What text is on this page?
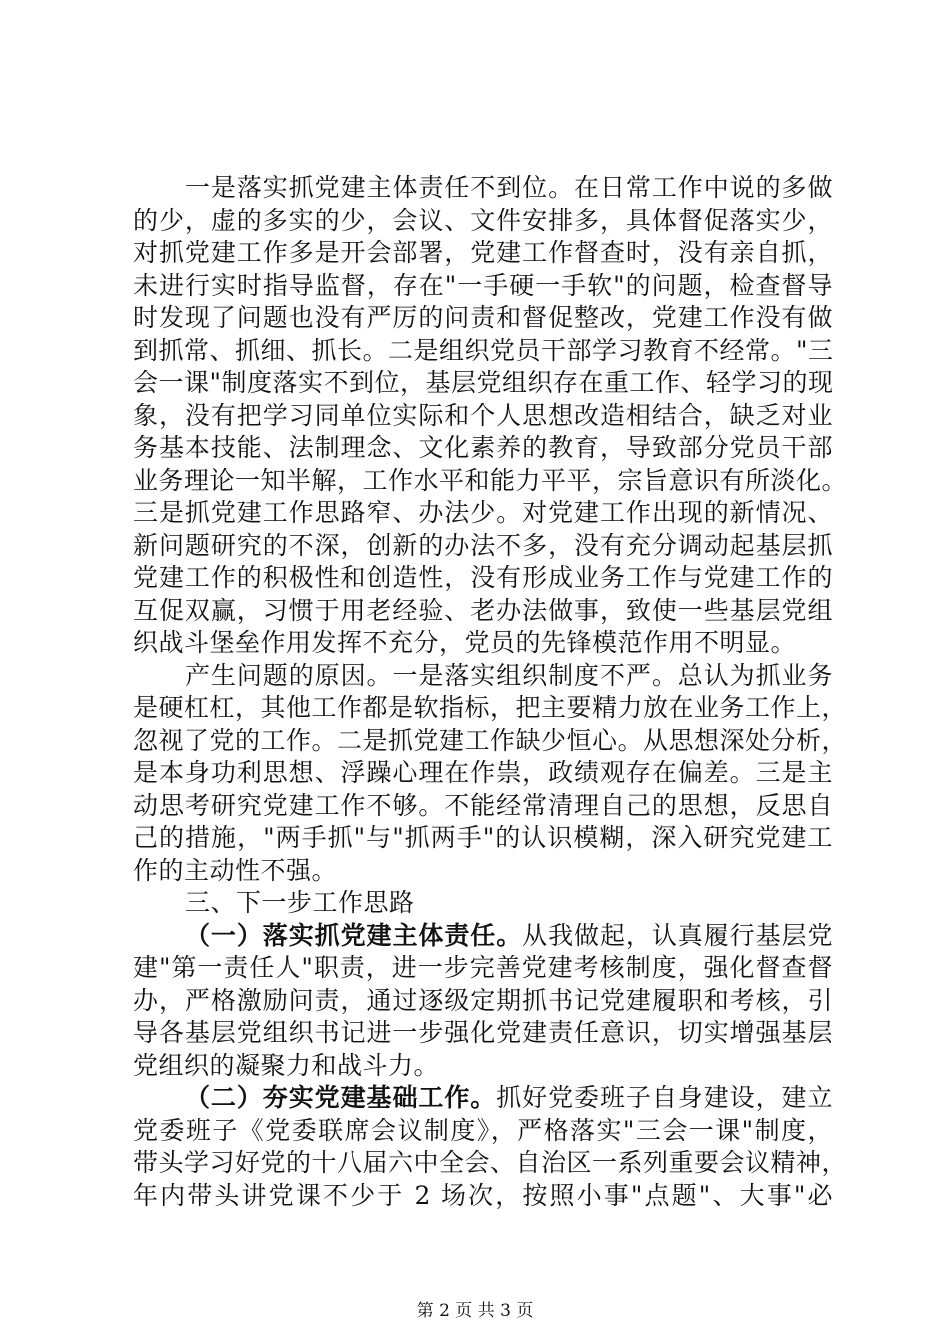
一是落实抓党建主体责任不到位。在日常工作中说的多做
的少，虚的多实的少，会议、文件安排多，具体督促落实少，
对抓党建工作多是开会部署，党建工作督查时，没有亲自抓，
未进行实时指导监督，存在"一手硬一手软"的问题，检查督导
时发现了问题也没有严厉的问责和督促整改，党建工作没有做
到抓常、抓细、抓长。二是组织党员干部学习教育不经常。"三
会一课"制度落实不到位，基层党组织存在重工作、轻学习的现
象，没有把学习同单位实际和个人思想改造相结合，缺乏对业
务基本技能、法制理念、文化素养的教育，导致部分党员干部
业务理论一知半解，工作水平和能力平平，宗旨意识有所淡化。
三是抓党建工作思路窄、办法少。对党建工作出现的新情况、
新问题研究的不深，创新的办法不多，没有充分调动起基层抓
党建工作的积极性和创造性，没有形成业务工作与党建工作的
互促双赢，习惯于用老经验、老办法做事，致使一些基层党组
织战斗堡垒作用发挥不充分，党员的先锋模范作用不明显。
产生问题的原因。一是落实组织制度不严。总认为抓业务
是硬杠杠，其他工作都是软指标，把主要精力放在业务工作上，
忽视了党的工作。二是抓党建工作缺少恒心。从思想深处分析，
是本身功利思想、浮躁心理在作祟，政绩观存在偏差。三是主
动思考研究党建工作不够。不能经常清理自己的思想，反思自
己的措施，"两手抓"与"抓两手"的认识模糊，深入研究党建工
作的主动性不强。
三、下一步工作思路
（一）落实抓党建主体责任。从我做起，认真履行基层党
建"第一责任人"职责，进一步完善党建考核制度，强化督查督
办，严格激励问责，通过逐级定期抓书记党建履职和考核，引
导各基层党组织书记进一步强化党建责任意识，切实增强基层
党组织的凝聚力和战斗力。
（二）夯实党建基础工作。抓好党委班子自身建设，建立
党委班子《党委联席会议制度》，严格落实"三会一课"制度，
带头学习好党的十八届六中全会、自治区一系列重要会议精神，
年内带头讲党课不少于 2 场次，按照小事"点题"、大事"必
第 2 页 共 3 页
